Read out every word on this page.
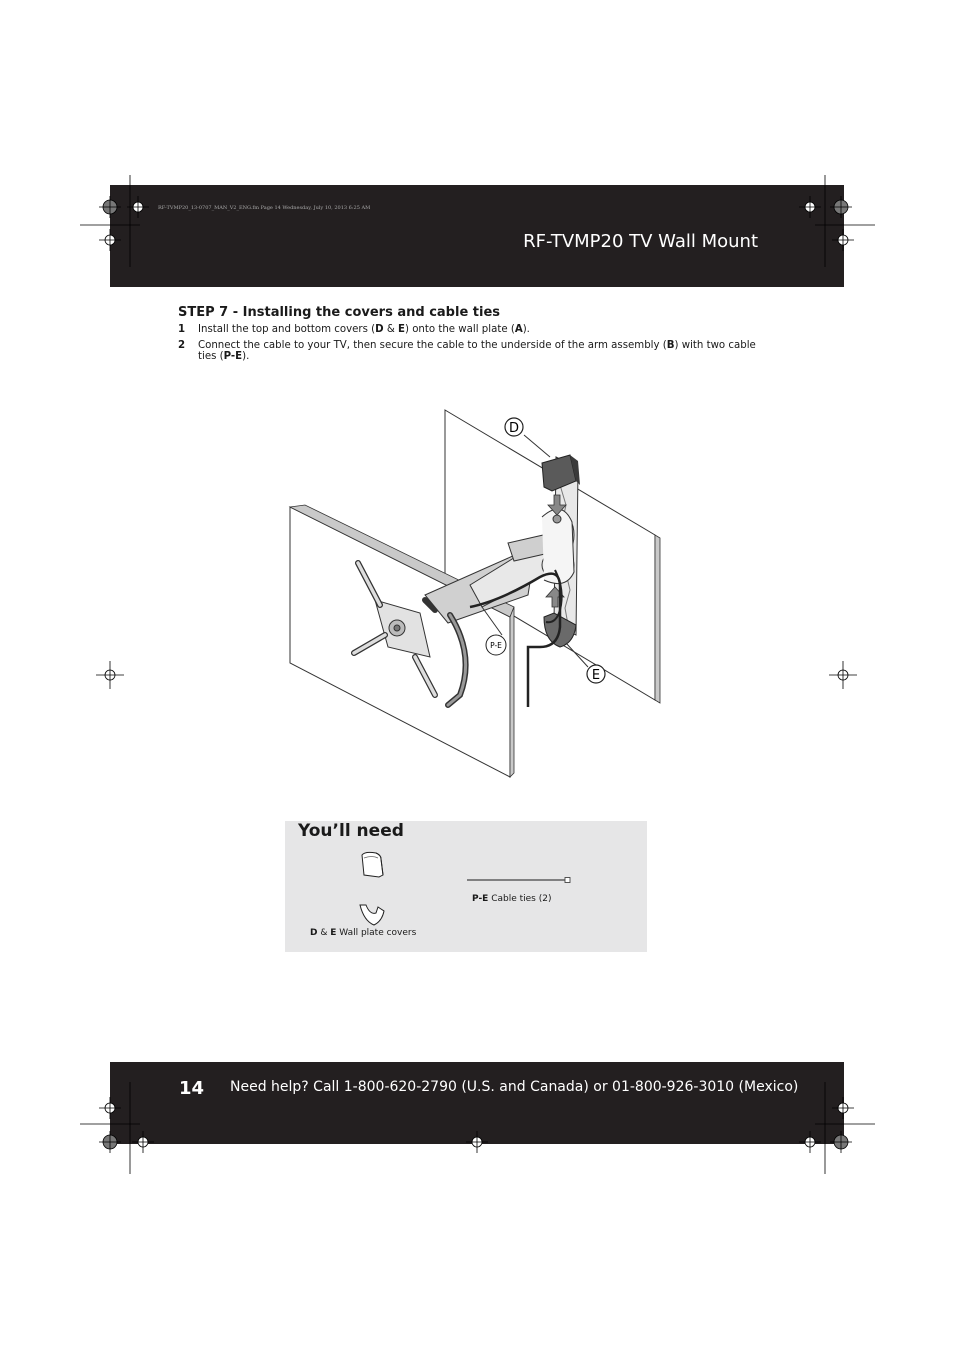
RF-TVMP20_13-0707_MAN_V2_ENG.fm Page 14 Wednesday, July 10, 2013 6:25 AM
RF-TVMP20 TV Wall Mount
STEP 7 - Installing the covers and cable ties
1 Install the top and bottom covers (D & E) onto the wall plate (A).
2 Connect the cable to your TV, then secure the cable to the underside of the arm assembly (B) with two cable ties (P-E).
D
E
P-E
You’ll need
D & E Wall plate covers
P-E Cable ties (2)
14 Need help? Call 1-800-620-2790 (U.S. and Canada) or 01-800-926-3010 (Mexico)
